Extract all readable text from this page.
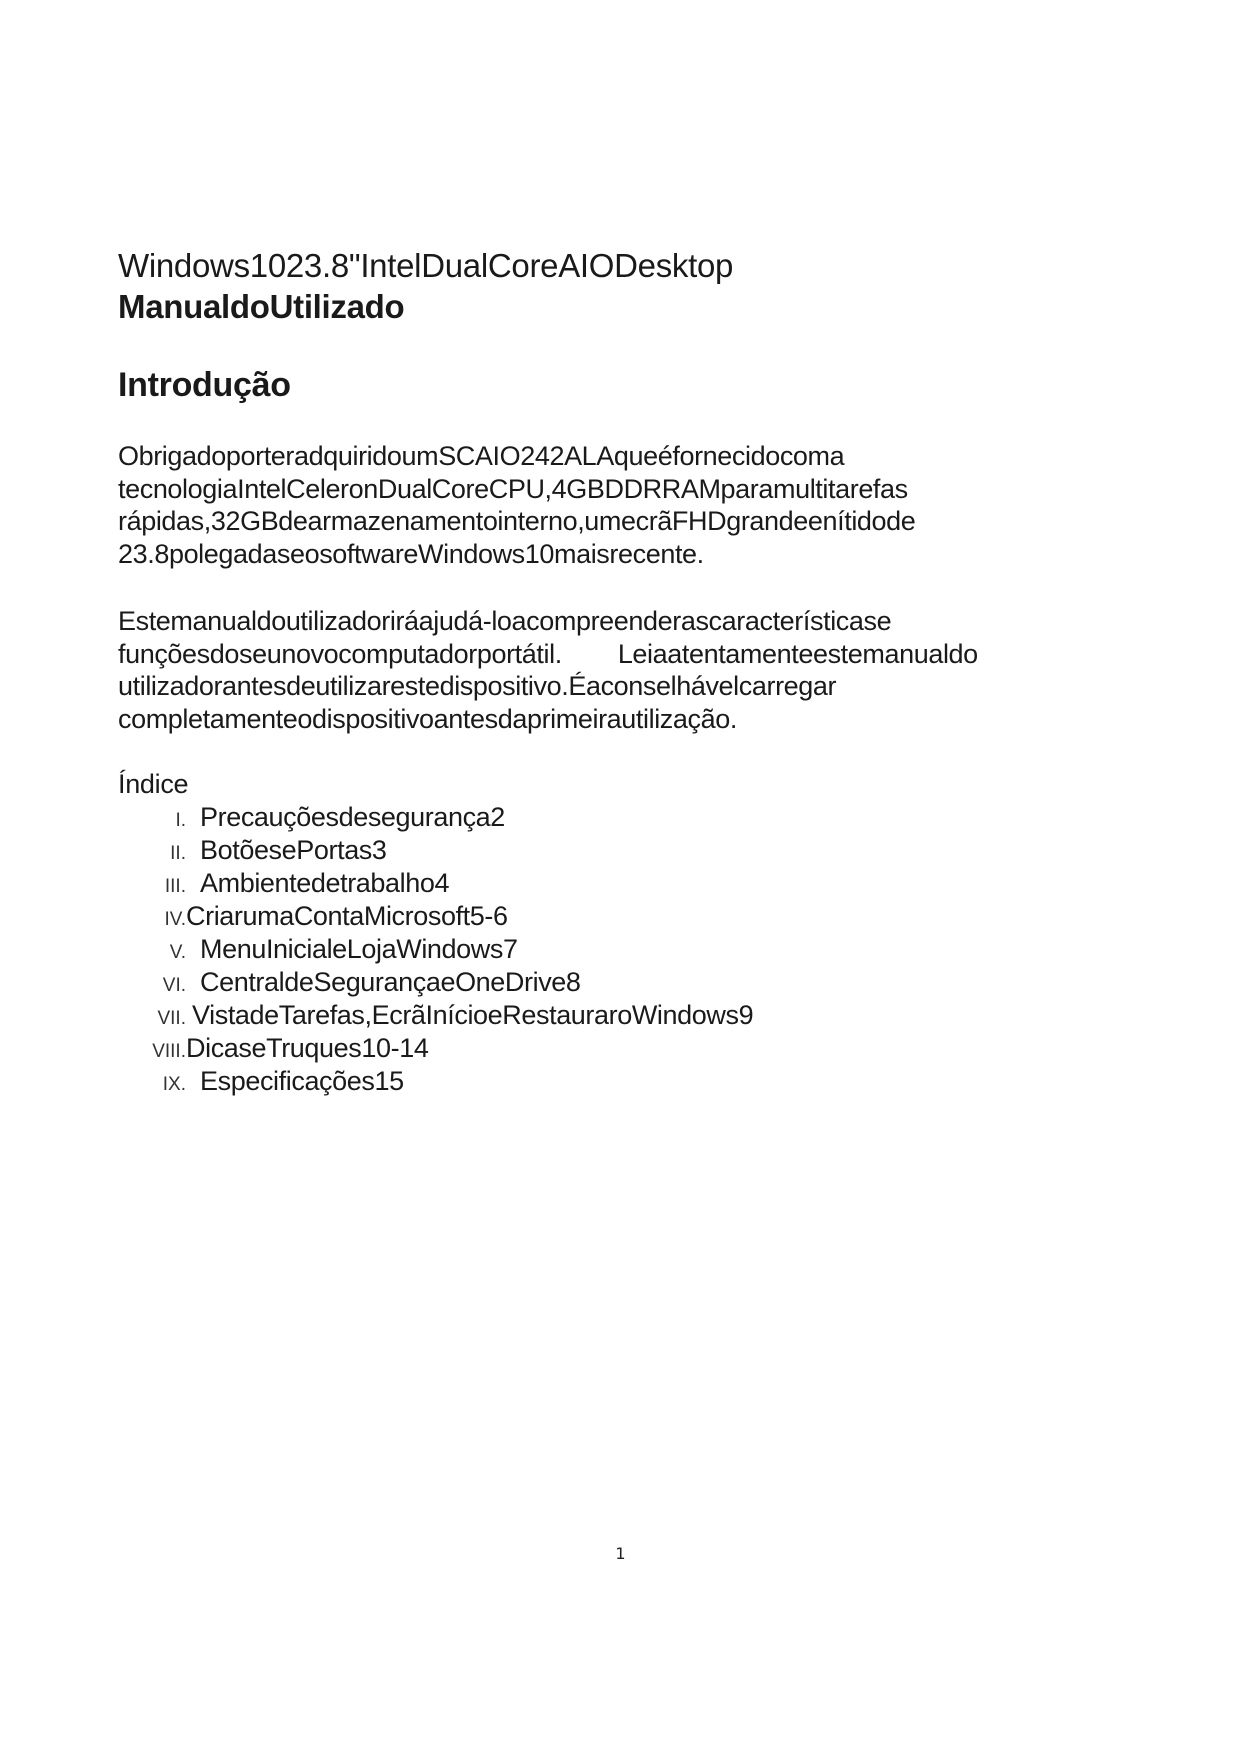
Windows1023.8"IntelDualCoreAIODesktop
ManualdoUtilizado
Introdução
ObrigadoporteradquiridoumSCAIO242ALAqueéfornecidocoma
tecnologiaIntelCeleronDualCoreCPU,4GBDDRRAMparamultitarefas
rápidas,32GBdearmazenamentointerno,umecrãFHDgrandeenítidode
23.8polegadaseosoftwareWindows10maisrecente.
Estemanualdoutilizadoriráajudá-loacompreenderascaracterísticase
funçõesdoseunovocomputadorportátil. Leiaatentamenteestemanualdo
utilizadorantesdeutilizarestedispositivo.Éaconselhávelcarregar
completamenteodispositivoantesdaprimeirautilização.
Índice
I. Precauçõesdesegurança2
II. BotõesePortas3
III. Ambientedetrabalho4
IV.CriarumaContaMicrosoft5-6
V. MenuInicialeLojaWindows7
VI. CentraldeSegurançaeOneDrive8
VII. VistadeTarefas,EcrãInícioeRestauraroWindows9
VIII.DicaseTruques10-14
IX. Especificações15
1
